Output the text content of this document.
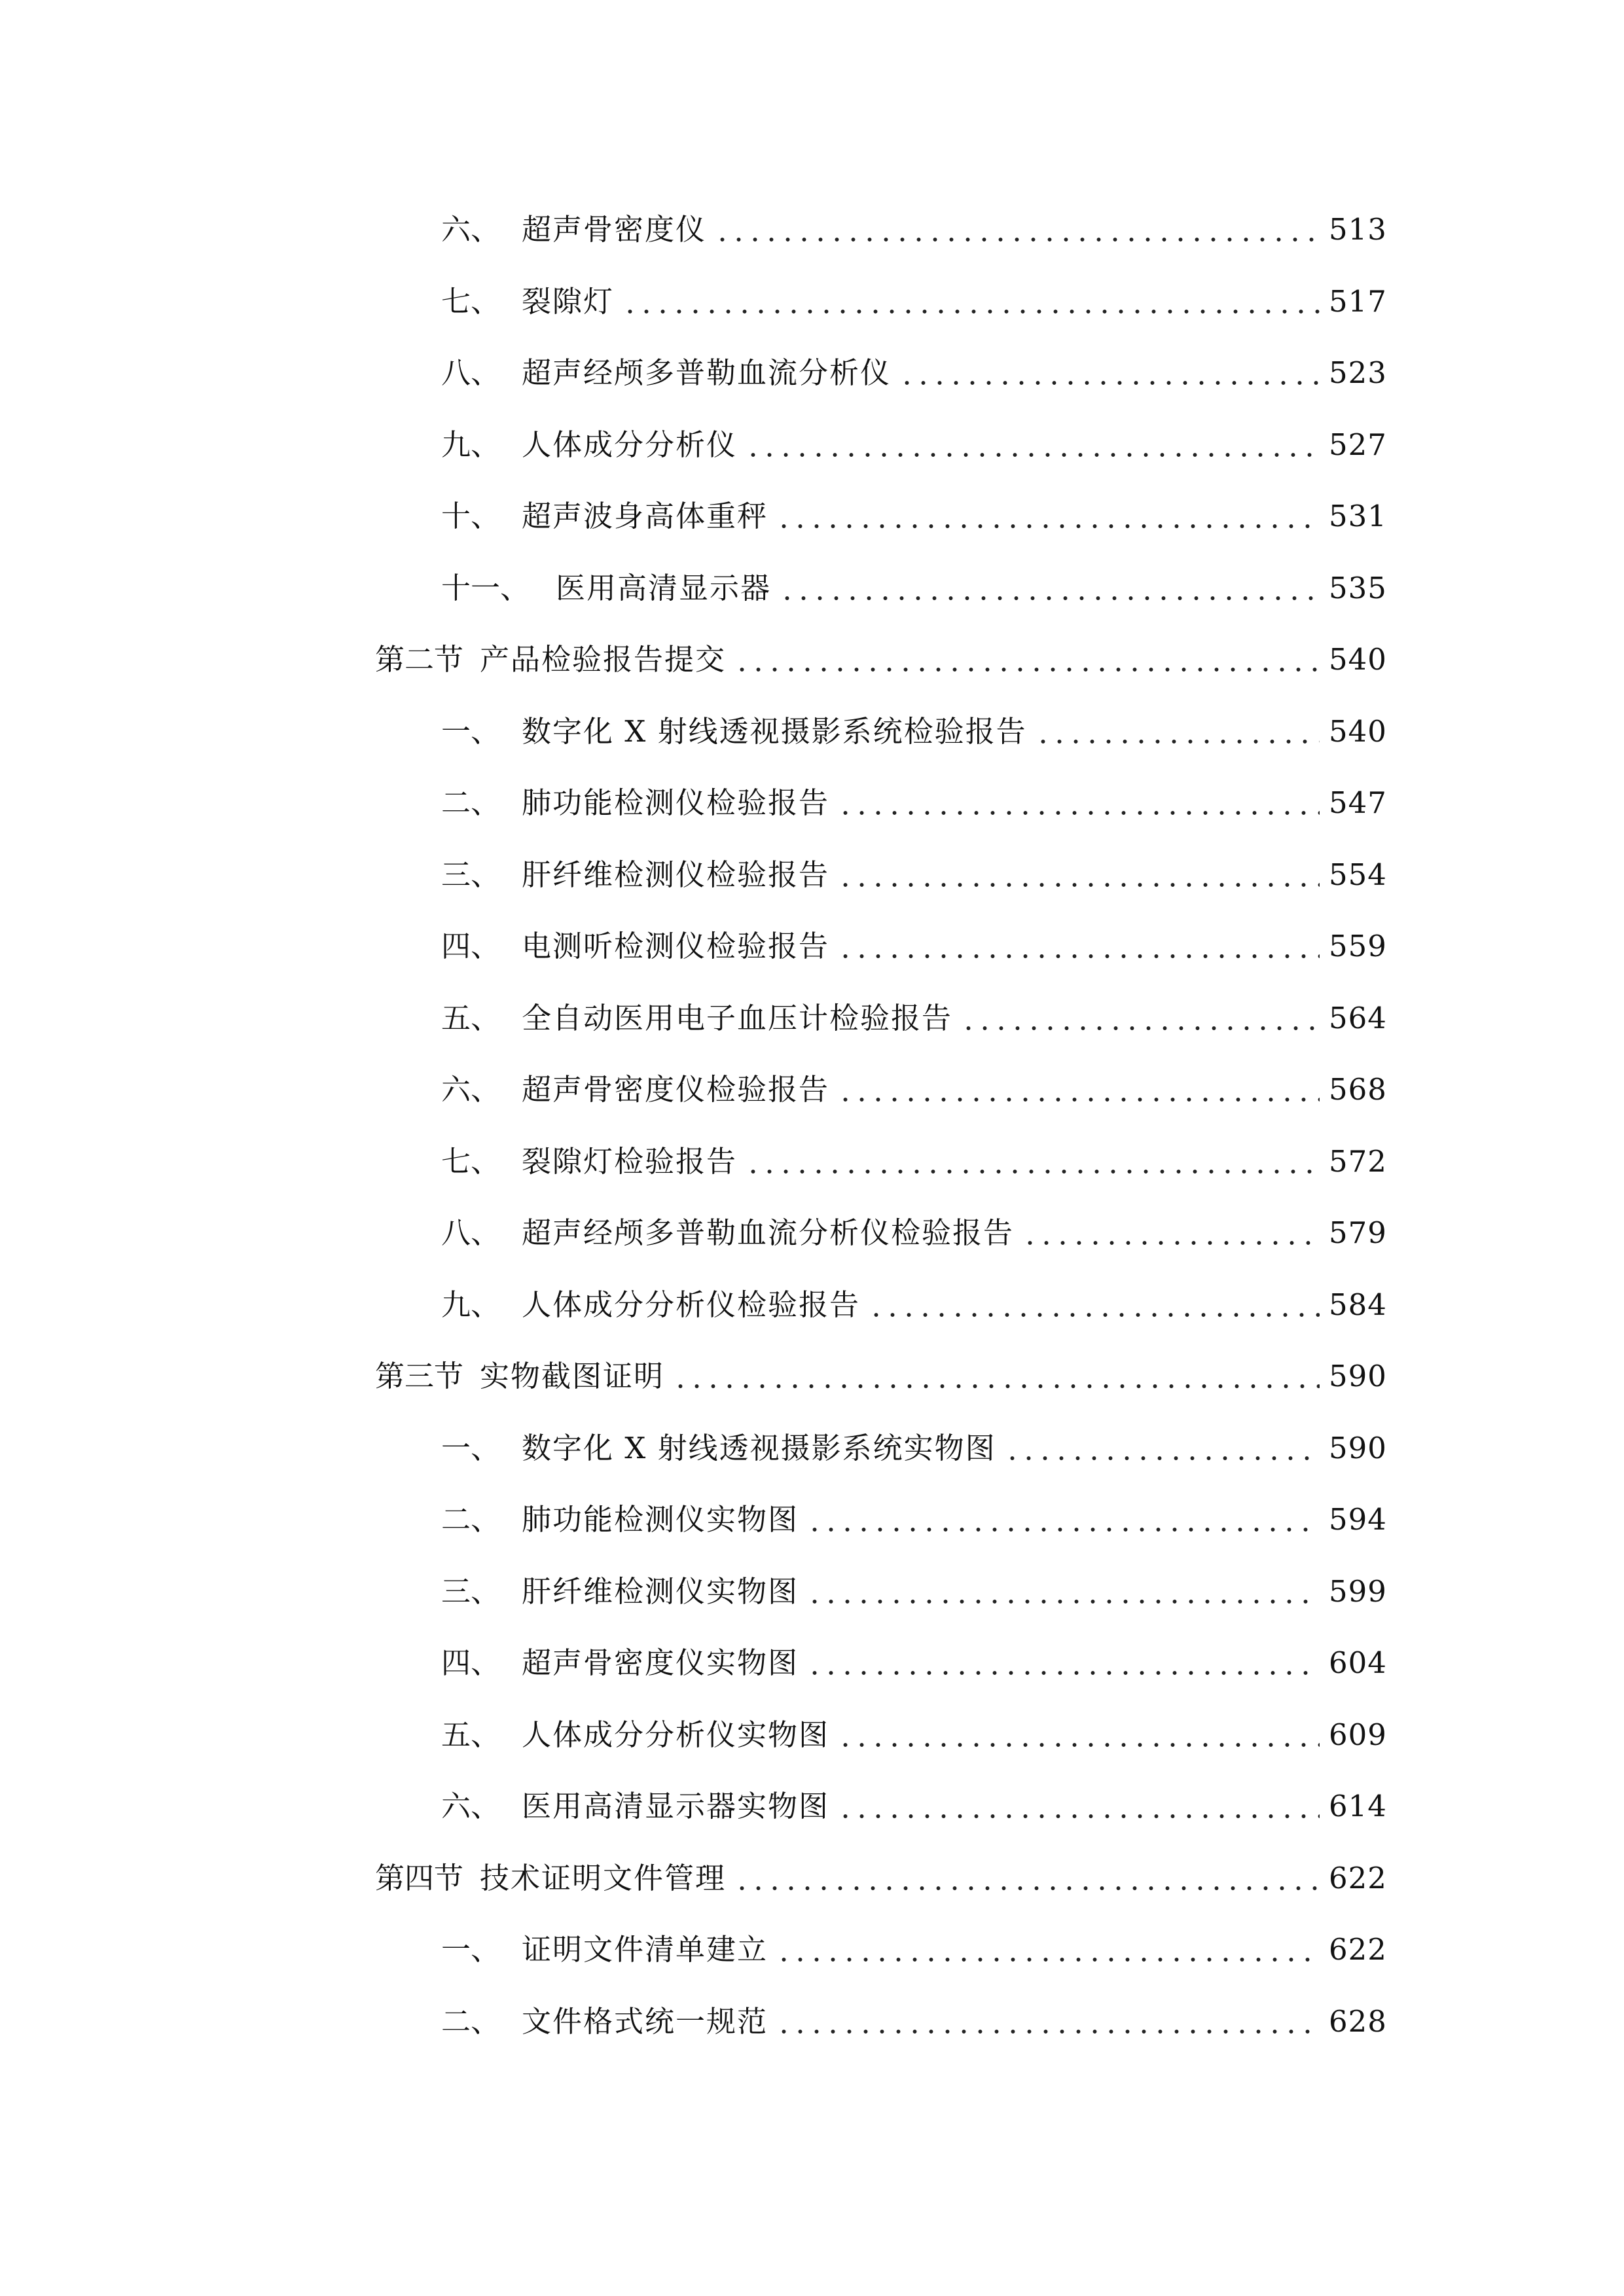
六、 超声骨密度仪	513
七、 裂隙灯	517
八、 超声经颅多普勒血流分析仪	523
九、 人体成分分析仪	527
十、 超声波身高体重秤	531
十一、 医用高清显示器	535
第二节 产品检验报告提交	540
一、 数字化 X 射线透视摄影系统检验报告	540
二、 肺功能检测仪检验报告	547
三、 肝纤维检测仪检验报告	554
四、 电测听检测仪检验报告	559
五、 全自动医用电子血压计检验报告	564
六、 超声骨密度仪检验报告	568
七、 裂隙灯检验报告	572
八、 超声经颅多普勒血流分析仪检验报告	579
九、 人体成分分析仪检验报告	584
第三节 实物截图证明	590
一、 数字化 X 射线透视摄影系统实物图	590
二、 肺功能检测仪实物图	594
三、 肝纤维检测仪实物图	599
四、 超声骨密度仪实物图	604
五、 人体成分分析仪实物图	609
六、 医用高清显示器实物图	614
第四节 技术证明文件管理	622
一、 证明文件清单建立	622
二、 文件格式统一规范	628
